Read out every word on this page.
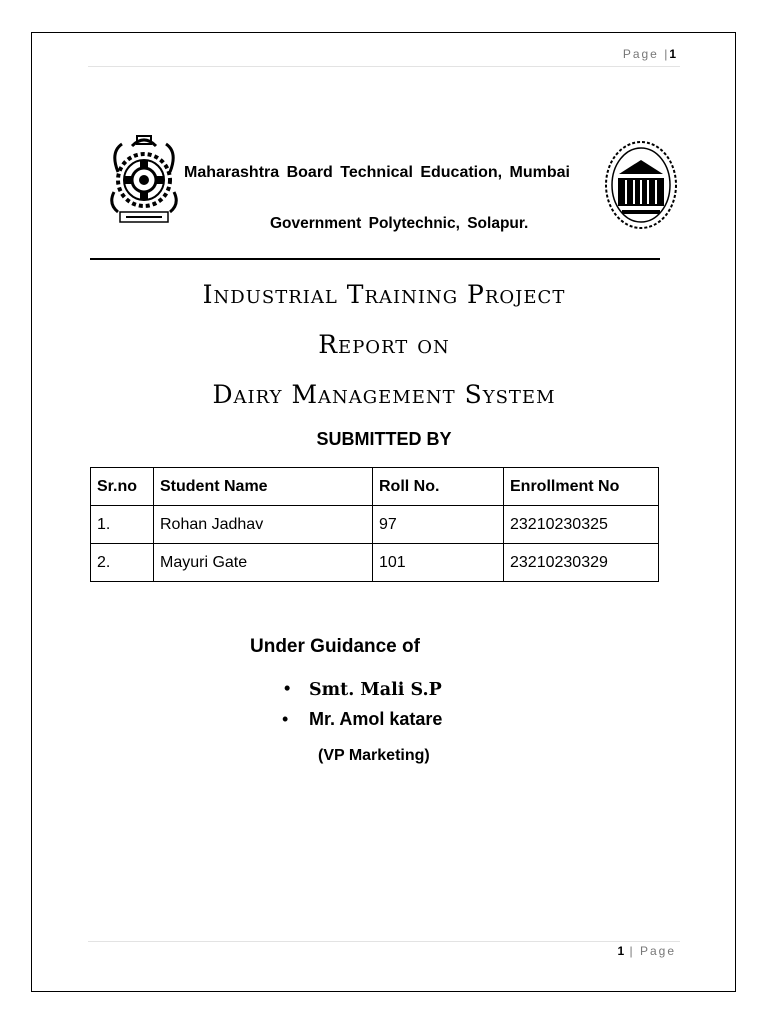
Page |1
Maharashtra Board Technical Education, Mumbai
Government Polytechnic, Solapur.
Industrial Training Project
Report on
Dairy Management System
SUBMITTED BY
Sr.no	Student Name	Roll No.	Enrollment No
1.	Rohan Jadhav	97	23210230325
2.	Mayuri Gate	101	23210230329
Under Guidance of
• Smt. Mali S.P
• Mr. Amol katare
(VP Marketing)
1 | Page
